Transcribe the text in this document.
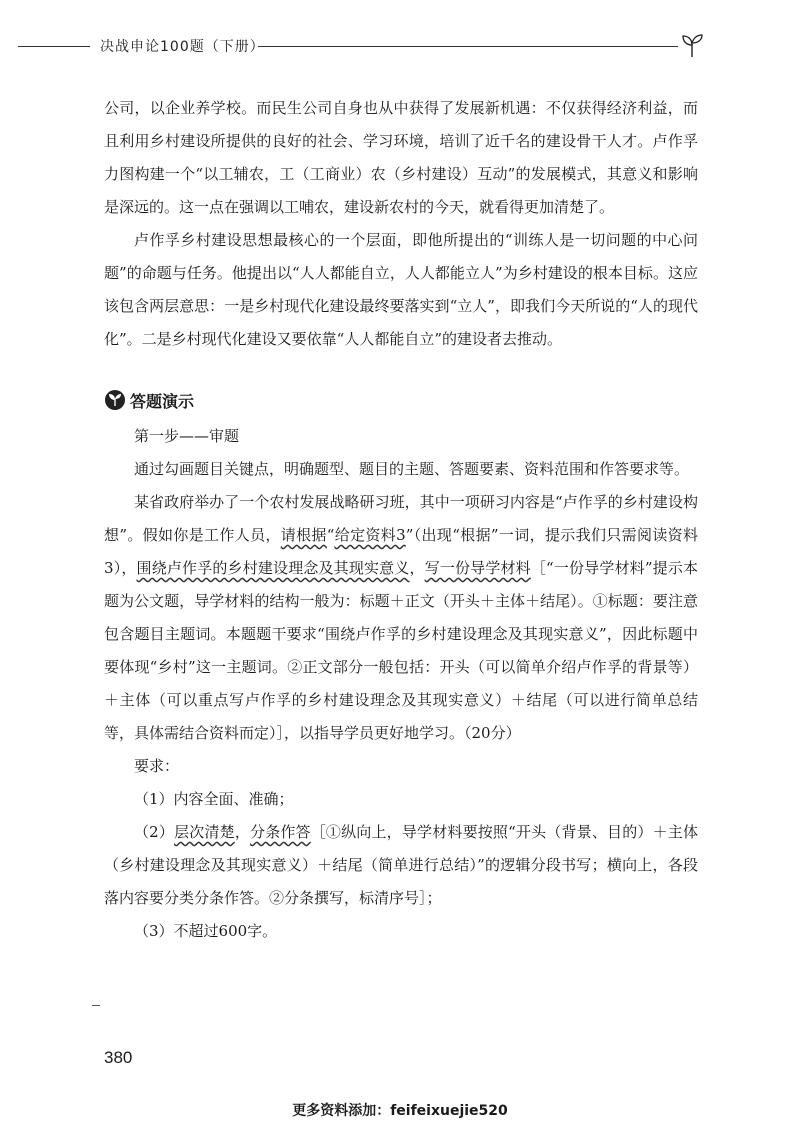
决战申论100题（下册）

公司，以企业养学校。而民生公司自身也从中获得了发展新机遇：不仅获得经济利益，而且利用乡村建设所提供的良好的社会、学习环境，培训了近千名的建设骨干人才。卢作孚力图构建一个“以工辅农，工（工商业）农（乡村建设）互动”的发展模式，其意义和影响是深远的。这一点在强调以工哺农，建设新农村的今天，就看得更加清楚了。

卢作孚乡村建设思想最核心的一个层面，即他所提出的“训练人是一切问题的中心问题”的命题与任务。他提出以“人人都能自立，人人都能立人”为乡村建设的根本目标。这应该包含两层意思：一是乡村现代化建设最终要落实到“立人”，即我们今天所说的“人的现代化”。二是乡村现代化建设又要依靠“人人都能自立”的建设者去推动。

答题演示

第一步——审题

通过勾画题目关键点，明确题型、题目的主题、答题要素、资料范围和作答要求等。

某省政府举办了一个农村发展战略研习班，其中一项研习内容是“卢作孚的乡村建设构想”。假如你是工作人员，请根据“给定资料3”（出现“根据”一词，提示我们只需阅读资料3），围绕卢作孚的乡村建设理念及其现实意义，写一份导学材料［“一份导学材料”提示本题为公文题，导学材料的结构一般为：标题＋正文（开头＋主体＋结尾）。①标题：要注意包含题目主题词。本题题干要求“围绕卢作孚的乡村建设理念及其现实意义”，因此标题中要体现“乡村”这一主题词。②正文部分一般包括：开头（可以简单介绍卢作孚的背景等）＋主体（可以重点写卢作孚的乡村建设理念及其现实意义）＋结尾（可以进行简单总结等，具体需结合资料而定）］，以指导学员更好地学习。（20分）

要求：

（1）内容全面、准确；

（2）层次清楚，分条作答［①纵向上，导学材料要按照“开头（背景、目的）＋主体（乡村建设理念及其现实意义）＋结尾（简单进行总结）”的逻辑分段书写；横向上，各段落内容要分类分条作答。②分条撰写，标清序号］；

（3）不超过600字。

380
更多资料添加：feifeixuejie520
